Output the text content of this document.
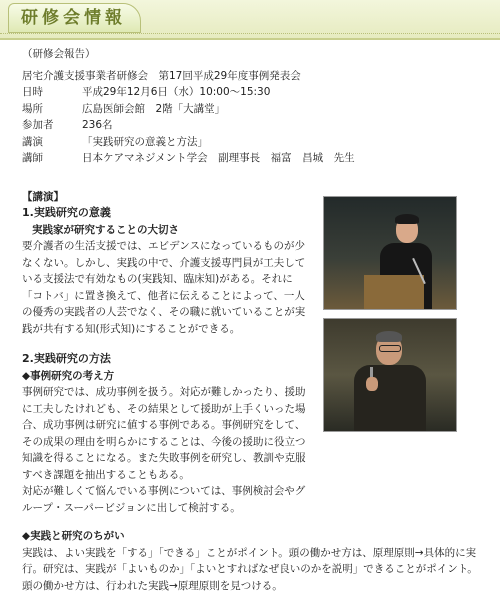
研修会情報
（研修会報告）
居宅介護支援事業者研修会　第17回平成29年度事例発表会	
日時	平成29年12月6日（水）10:00～15:30
場所	広島医師会館　2階「大講堂」
参加者	236名
講演	「実践研究の意義と方法」
講師	日本ケアマネジメント学会　副理事長　福富　昌城　先生
【講演】
1.実践研究の意義
実践家が研究することの大切さ
要介護者の生活支援では、エビデンスになっているものが少なくない。しかし、実践の中で、介護支援専門員が工夫している支援法で有効なもの(実践知、臨床知)がある。それに「コトバ」に置き換えて、他者に伝えることによって、一人の優秀の実践者の人芸でなく、その職に就いていることが実践が共有する知(形式知)にすることができる。
2.実践研究の方法
◆事例研究の考え方
事例研究では、成功事例を扱う。対応が難しかったり、援助に工夫したけれども、その結果として援助が上手くいった場合、成功事例は研究に値する事例である。事例研究をして、その成果の理由を明らかにすることは、今後の援助に役立つ知識を得ることになる。また失敗事例を研究し、教訓や克服すべき課題を抽出することもある。
対応が難しくて悩んでいる事例については、事例検討会やグループ・スーパービジョンに出して検討する。
◆実践と研究のちがい
実践は、よい実践を「する」「できる」ことがポイント。頭の働かせ方は、原理原則→具体的に実行。研究は、実践が「よいものか」「よいとすればなぜ良いのかを説明」できることがポイント。頭の働かせ方は、行われた実践→原理原則を見つける。
